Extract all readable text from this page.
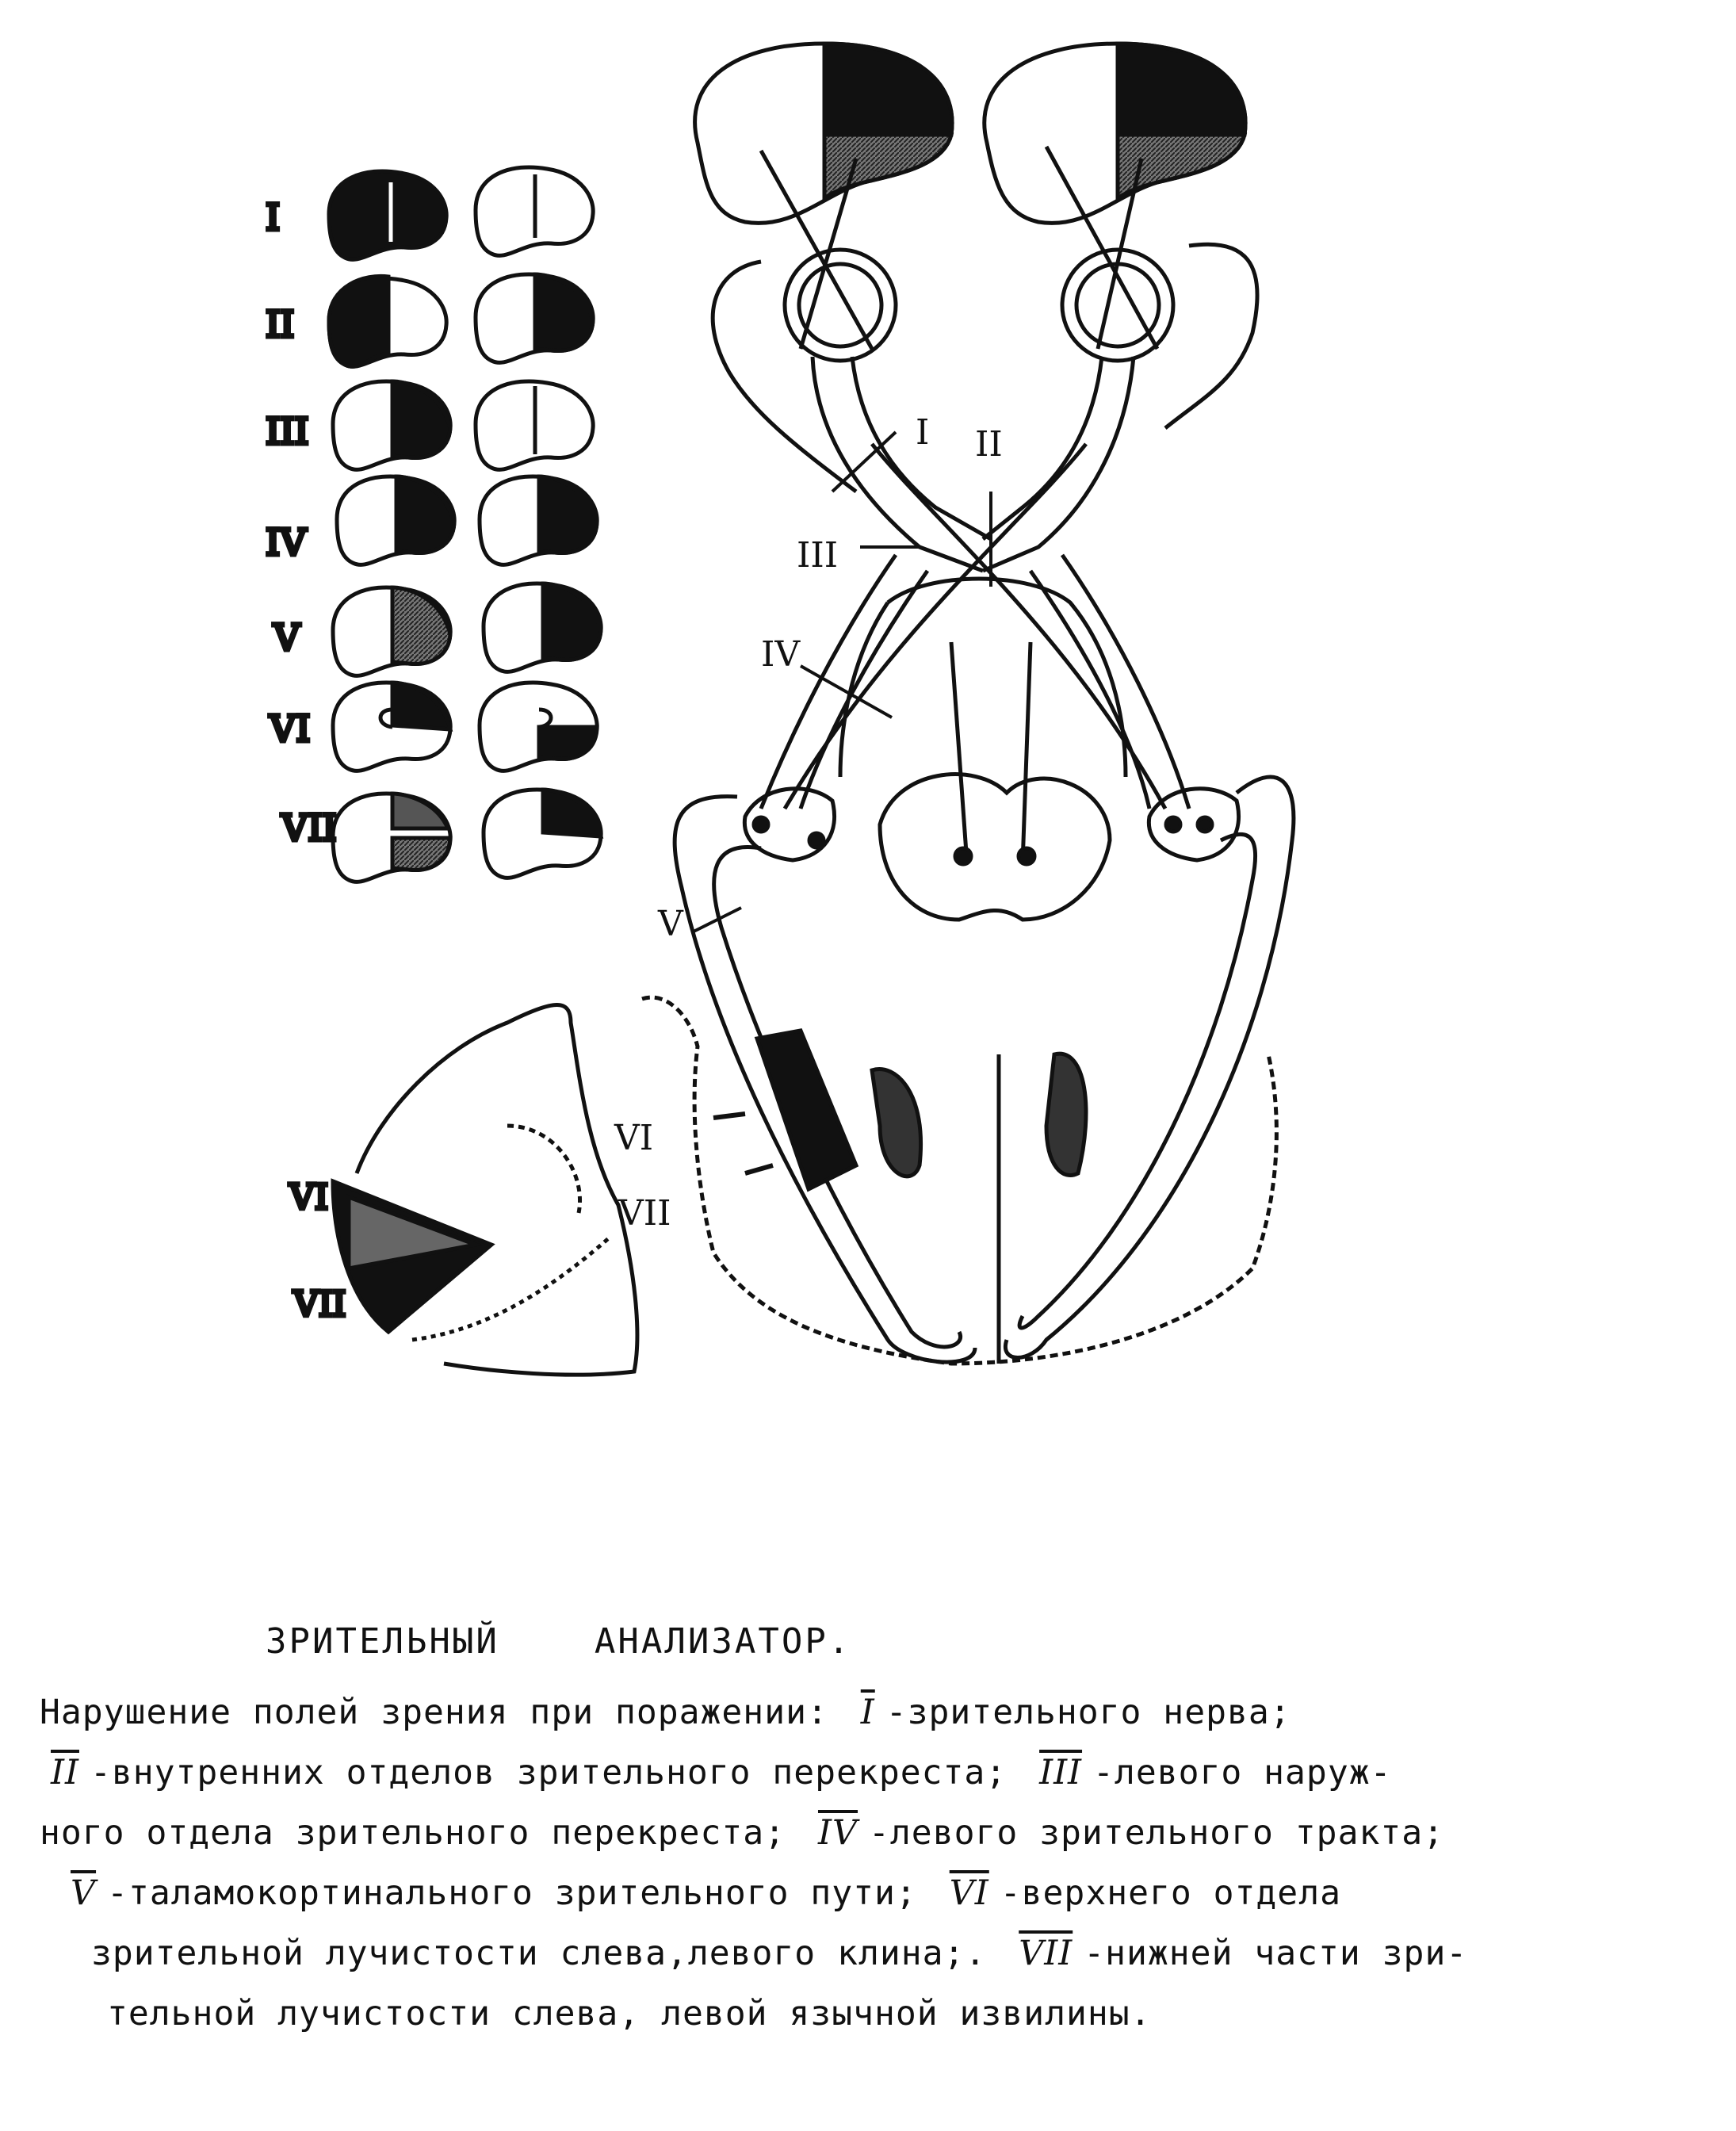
I
II
III
IV
V
VI
VII
I II
III
IV
V
VI
VII
VI
VII
ЗРИТЕЛЬНЫЙ	АНАЛИЗАТОР.
Нарушение полей зрения при поражении: $\overline{I}$ -зрительного нерва;
$\overline{II}$ -внутренних отделов зрительного перекреста; $\overline{III}$ -левого наруж-
ного отдела зрительного перекреста; $\overline{IV}$ -левого зрительного тракта;
$\overline{V}$ -таламокортинального зрительного пути; $\overline{VI}$ -верхнего отдела
зрительной лучистости слева,левого клина;. $\overline{VII}$ -нижней части зри-
тельной лучистости слева, левой язычной извилины.
